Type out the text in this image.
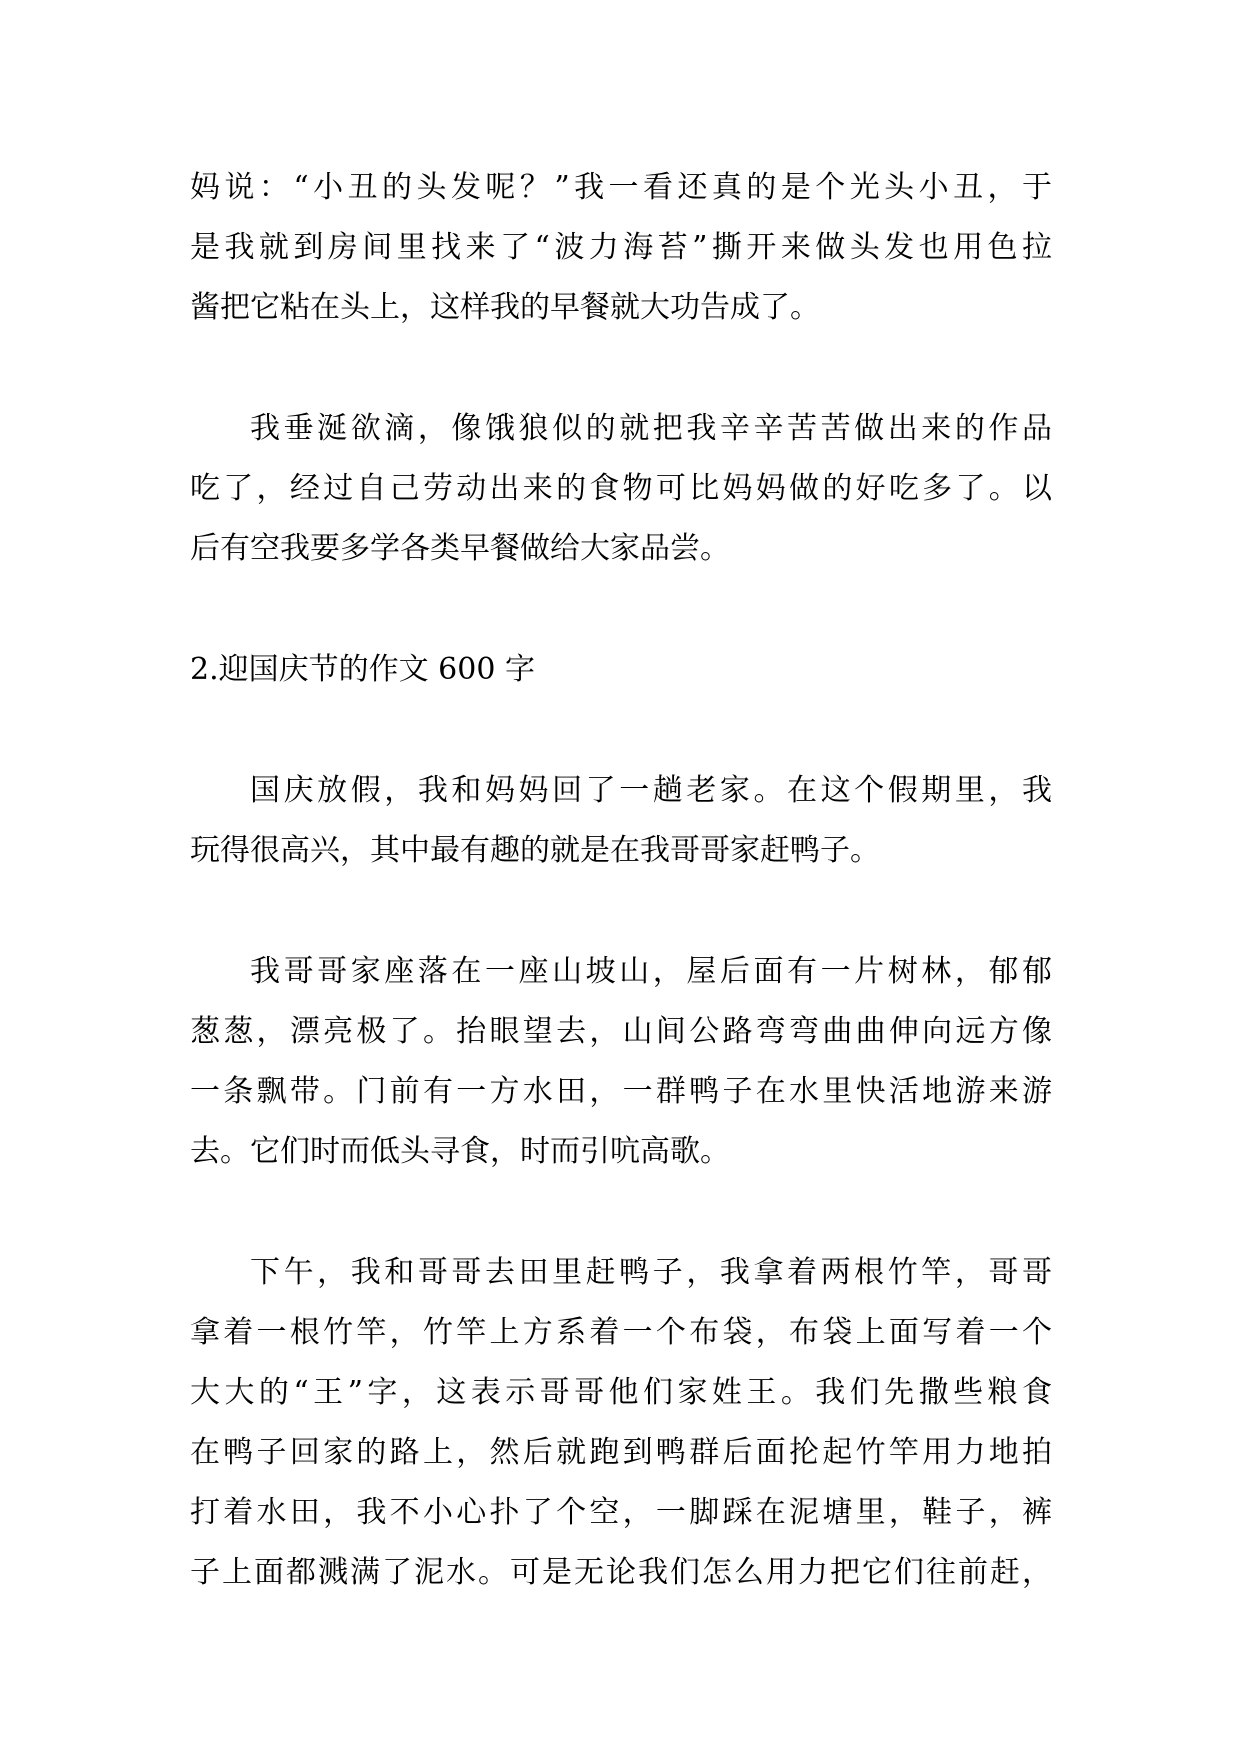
妈说：“小丑的头发呢？”我一看还真的是个光头小丑，于
是我就到房间里找来了“波力海苔”撕开来做头发也用色拉
酱把它粘在头上，这样我的早餐就大功告成了。
我垂涎欲滴，像饿狼似的就把我辛辛苦苦做出来的作品
吃了，经过自己劳动出来的食物可比妈妈做的好吃多了。以
后有空我要多学各类早餐做给大家品尝。
2.迎国庆节的作文 600 字
国庆放假，我和妈妈回了一趟老家。在这个假期里，我
玩得很高兴，其中最有趣的就是在我哥哥家赶鸭子。
我哥哥家座落在一座山坡山，屋后面有一片树林，郁郁
葱葱，漂亮极了。抬眼望去，山间公路弯弯曲曲伸向远方像
一条飘带。门前有一方水田，一群鸭子在水里快活地游来游
去。它们时而低头寻食，时而引吭高歌。
下午，我和哥哥去田里赶鸭子，我拿着两根竹竿，哥哥
拿着一根竹竿，竹竿上方系着一个布袋，布袋上面写着一个
大大的“王”字，这表示哥哥他们家姓王。我们先撒些粮食
在鸭子回家的路上，然后就跑到鸭群后面抡起竹竿用力地拍
打着水田，我不小心扑了个空，一脚踩在泥塘里，鞋子，裤
子上面都溅满了泥水。可是无论我们怎么用力把它们往前赶，
